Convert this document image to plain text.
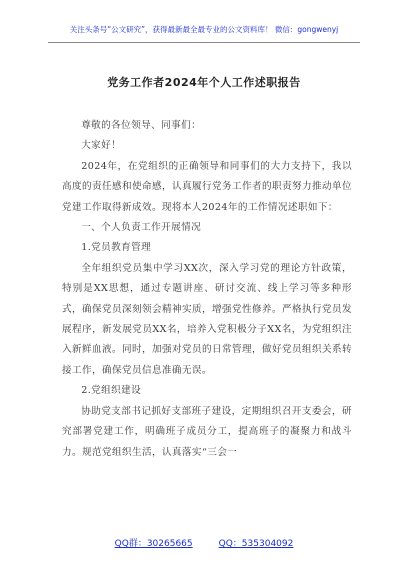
关注头条号“公文研究”，获得最新最全最专业的公文资料库！ 微信：gongwenyj
党务工作者2024年个人工作述职报告

尊敬的各位领导、同事们：

大家好！

2024年，在党组织的正确领导和同事们的大力支持下，我以高度的责任感和使命感，认真履行党务工作者的职责努力推动单位党建工作取得新成效。现将本人2024年的工作情况述职如下：

一、个人负责工作开展情况

1.党员教育管理

全年组织党员集中学习XX次，深入学习党的理论方针政策，特别是XX思想，通过专题讲座、研讨交流、线上学习等多种形式，确保党员深刻领会精神实质，增强党性修养。严格执行党员发展程序，新发展党员XX名，培养入党积极分子XX名，为党组织注入新鲜血液。同时，加强对党员的日常管理，做好党员组织关系转接工作，确保党员信息准确无误。

2.党组织建设

协助党支部书记抓好支部班子建设，定期组织召开支委会，研究部署党建工作，明确班子成员分工，提高班子的凝聚力和战斗力。规范党组织生活，认真落实“三会一

QQ群：30265665	QQ：535304092
